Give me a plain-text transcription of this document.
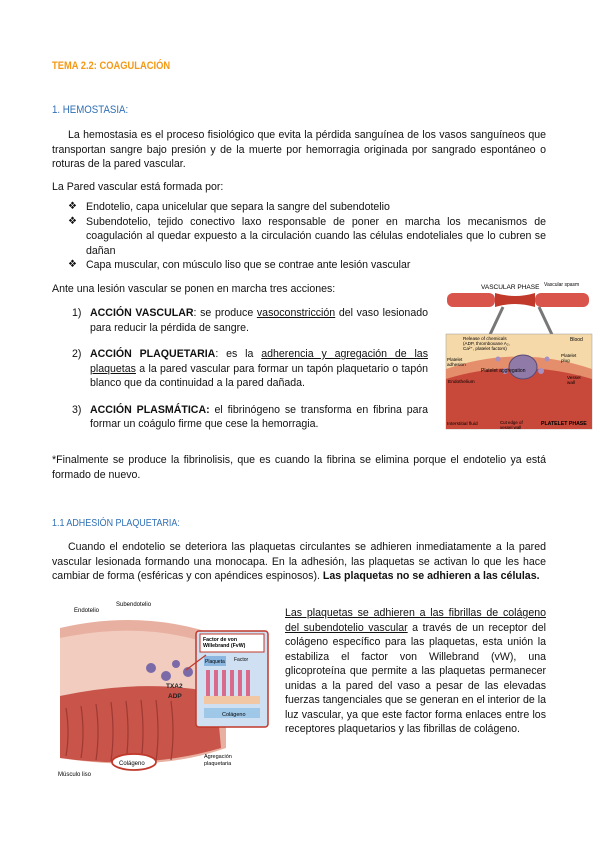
TEMA 2.2: COAGULACIÓN
1. HEMOSTASIA:

La hemostasia es el proceso fisiológico que evita la pérdida sanguínea de los vasos sanguíneos que transportan sangre bajo presión y de la muerte por hemorragia originada por sangrado espontáneo o roturas de la pared vascular.

La Pared vascular está formada por:
❖ Endotelio, capa unicelular que separa la sangre del subendotelio
❖ Subendotelio, tejido conectivo laxo responsable de poner en marcha los mecanismos de coagulación al quedar expuesto a la circulación cuando las células endoteliales que lo cubren se dañan
❖ Capa muscular, con músculo liso que se contrae ante lesión vascular
Ante una lesión vascular se ponen en marcha tres acciones:
1) ACCIÓN VASCULAR: se produce vasoconstricción del vaso lesionado para reducir la pérdida de sangre.
2) ACCIÓN PLAQUETARIA: es la adherencia y agregación de las plaquetas a la pared vascular para formar un tapón plaquetario o tapón blanco que da continuidad a la pared dañada.
3) ACCIÓN PLASMÁTICA: el fibrinógeno se transforma en fibrina para formar un coágulo firme que cese la hemorragia.
VASCULAR PHASE Vascular spasm
Release of chemicals (ADP, thromboxane A₂, Ca²⁺, platelet factors)
Blood
Platelet adhesion
Platelet aggregation
Platelet plug
Endothelium
Vessel wall
Interstitial fluid	Cut edge of vessel wall
PLATELET PHASE

*Finalmente se produce la fibrinolisis, que es cuando la fibrina se elimina porque el endotelio ya está formado de nuevo.

1.1 ADHESIÓN PLAQUETARIA:

Cuando el endotelio se deteriora las plaquetas circulantes se adhieren inmediatamente a la pared vascular lesionada formando una monocapa. En la adhesión, las plaquetas se activan lo que les hace cambiar de forma (esféricas y con apéndices espinosos). Las plaquetas no se adhieren a las células.

Las plaquetas se adhieren a las fibrillas de colágeno del subendotelio vascular a través de un receptor del colágeno específico para las plaquetas, esta unión la estabiliza el factor von Willebrand (vW), una glicoproteína que permite a las plaquetas permanecer unidas a la pared del vaso a pesar de las elevadas fuerzas tangenciales que se generan en el interior de la luz vascular, ya que este factor forma enlaces entre los receptores plaquetarios y las fibrillas de colágeno.

Endotelio
Subendotelio
TXA2
ADP
Factor de von Willebrand (FvW)
Factor
Plaqueta
Colágeno
Colágeno
Músculo liso
Agregación plaquetaria
